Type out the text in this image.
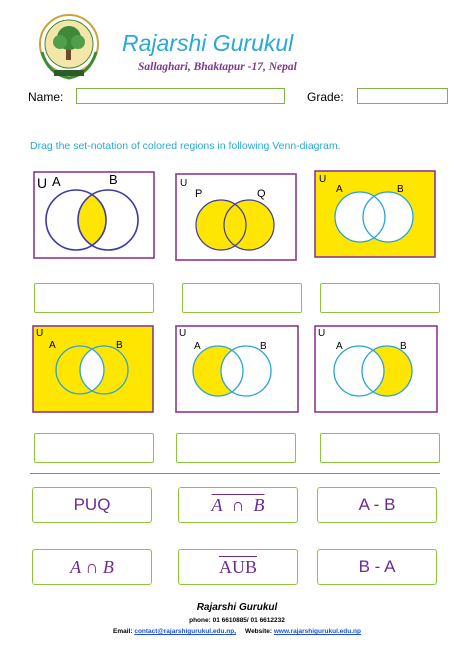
Rajarshi Gurukul
Sallaghari, Bhaktapur -17, Nepal
Name:	Grade:
Drag the set-notation of colored regions in following Venn-diagram.
U A	B	U
P	Q
U
A	B
U
A	B
U
A	B
U
A	B
PUQ	A ∩ B	A - B
A ∩ B	$\overline{AUB}$	B - A
Rajarshi Gurukul
phone: 01 6610885/ 01 6612232
Email: contact@rajarshigurukul.edu.np, Website: www.rajarshigurukul.edu.np
